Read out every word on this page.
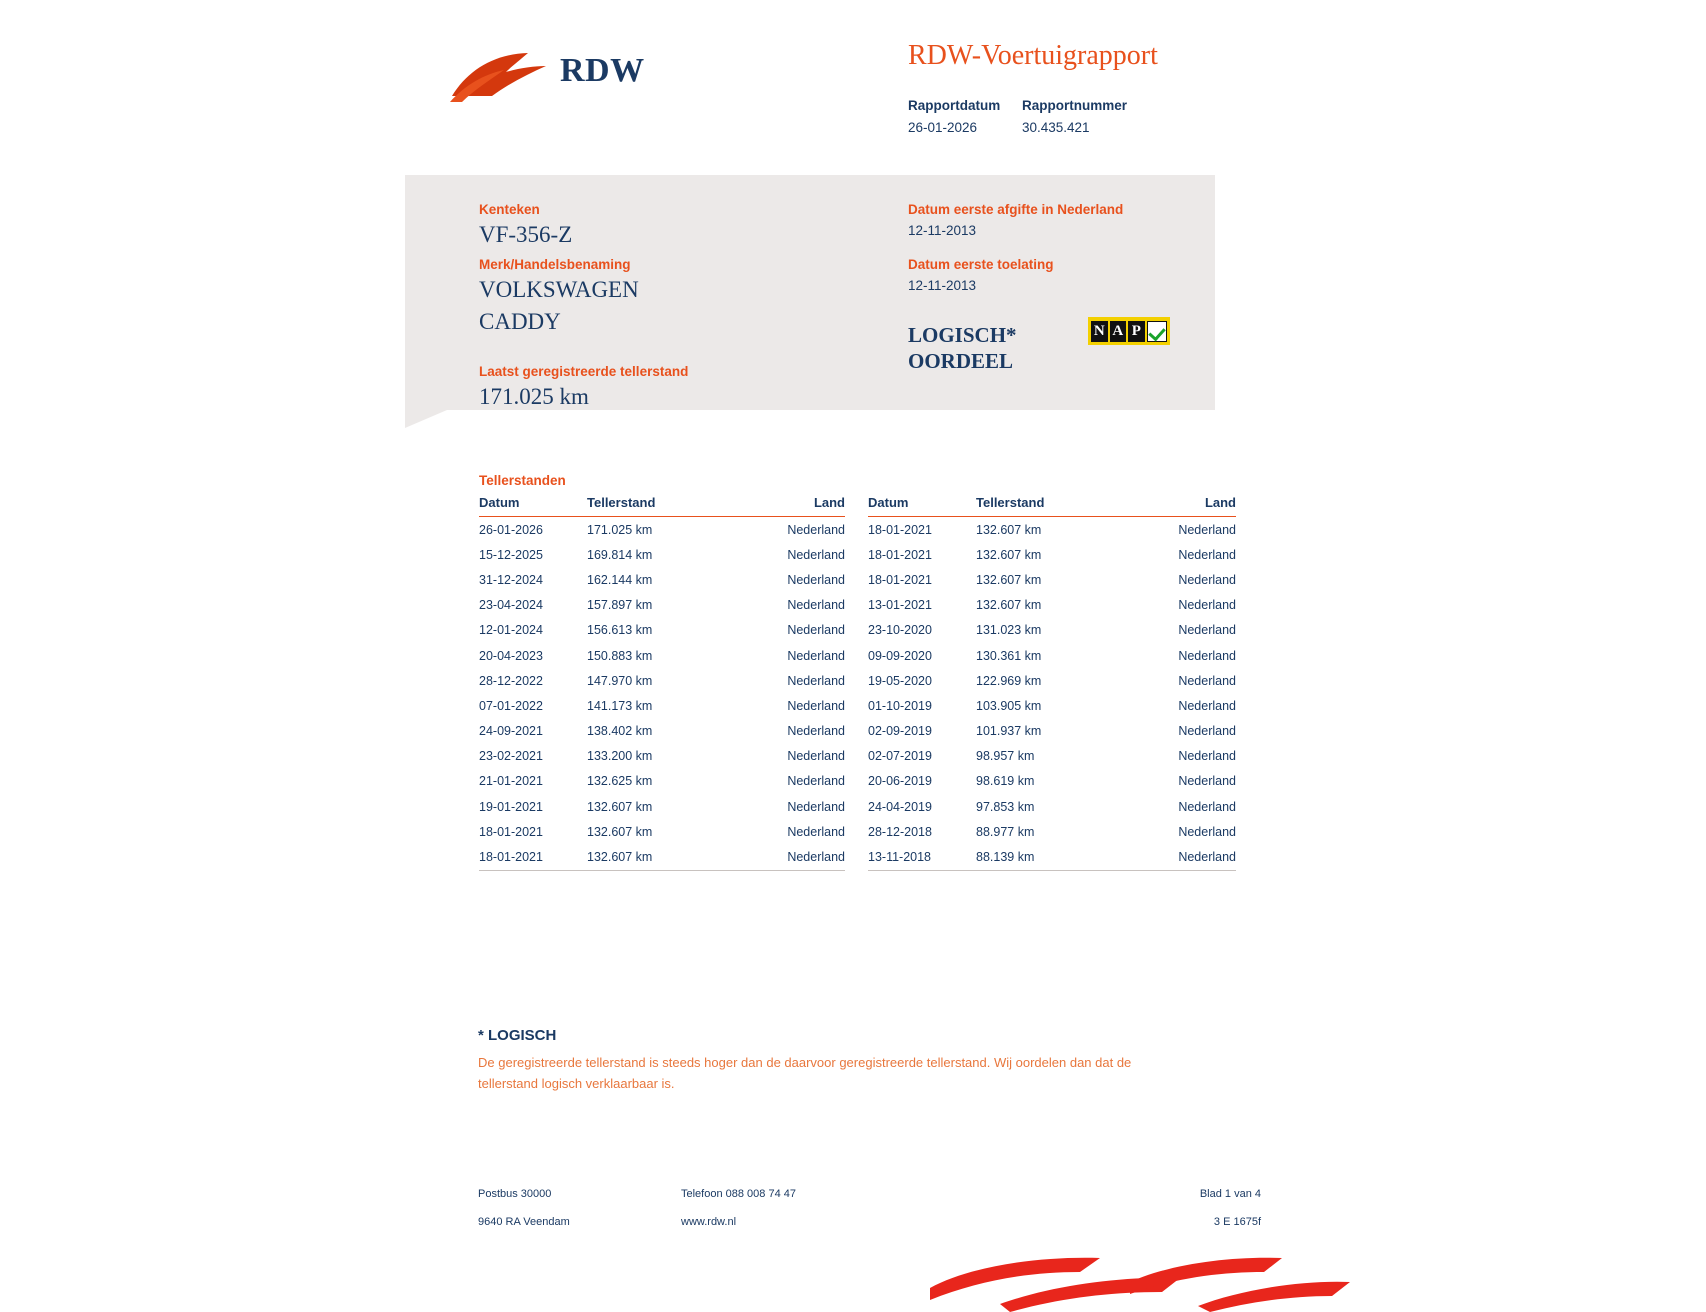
RDW	RDW-Voertuigrapport
Rapportdatum Rapportnummer
26-01-2026	30.435.421
Kenteken
VF-356-Z
Merk/Handelsbenaming
VOLKSWAGEN
CADDY
Laatst geregistreerde tellerstand
171.025 km
Datum eerste afgifte in Nederland
12-11-2013
Datum eerste toelating
12-11-2013
LOGISCH*
OORDEEL
N A P
Tellerstanden
Datum	Tellerstand	Land
26-01-2026	171.025 km	Nederland
15-12-2025	169.814 km	Nederland
31-12-2024	162.144 km	Nederland
23-04-2024	157.897 km	Nederland
12-01-2024	156.613 km	Nederland
20-04-2023	150.883 km	Nederland
28-12-2022	147.970 km	Nederland
07-01-2022	141.173 km	Nederland
24-09-2021	138.402 km	Nederland
23-02-2021	133.200 km	Nederland
21-01-2021	132.625 km	Nederland
19-01-2021	132.607 km	Nederland
18-01-2021	132.607 km	Nederland
18-01-2021	132.607 km	Nederland
Datum	Tellerstand	Land
18-01-2021	132.607 km	Nederland
18-01-2021	132.607 km	Nederland
18-01-2021	132.607 km	Nederland
13-01-2021	132.607 km	Nederland
23-10-2020	131.023 km	Nederland
09-09-2020	130.361 km	Nederland
19-05-2020	122.969 km	Nederland
01-10-2019	103.905 km	Nederland
02-09-2019	101.937 km	Nederland
02-07-2019	98.957 km	Nederland
20-06-2019	98.619 km	Nederland
24-04-2019	97.853 km	Nederland
28-12-2018	88.977 km	Nederland
13-11-2018	88.139 km	Nederland
* LOGISCH
De geregistreerde tellerstand is steeds hoger dan de daarvoor geregistreerde tellerstand. Wij oordelen dan dat de tellerstand logisch verklaarbaar is.
Postbus 30000
9640 RA Veendam
Telefoon 088 008 74 47
www.rdw.nl
Blad 1 van 4
3 E 1675f
